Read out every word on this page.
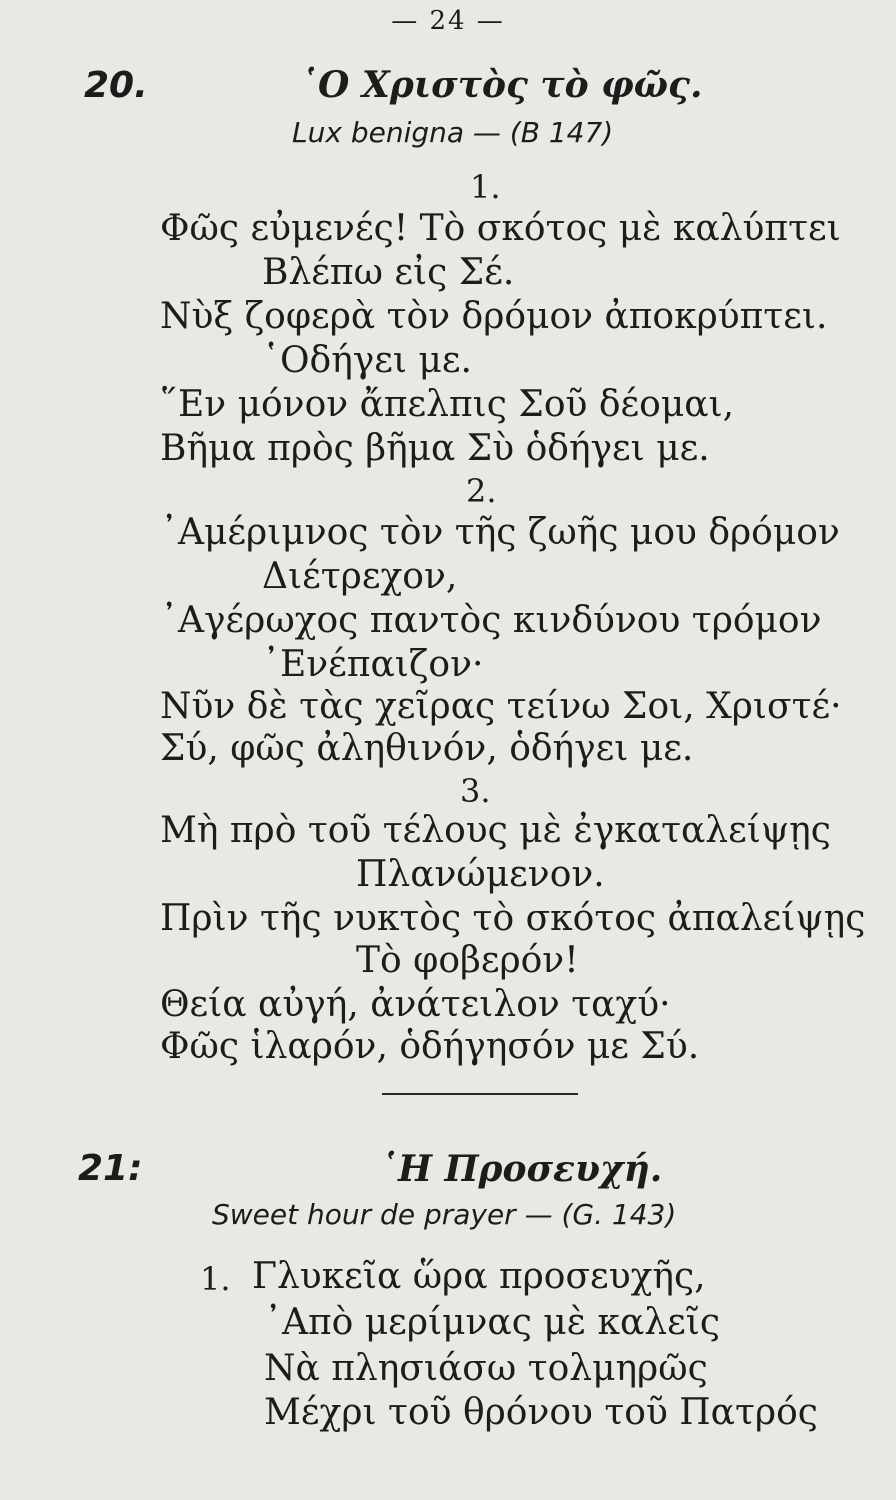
— 24 —
20.	῾Ο Χριστὸς τὸ φῶς.
Lux benigna — (B 147)
1.
Φῶς εὐμενές! Τὸ σκότος μὲ καλύπτει
Βλέπω εἰς Σέ.
Νὺξ ζοφερὰ τὸν δρόμον ἀποκρύπτει.
῾Οδήγει με.
῞Εν μόνον ἄπελπις Σοῦ δέομαι,
Βῆμα πρὸς βῆμα Σὺ ὁδήγει με.
2.
᾿Αμέριμνος τὸν τῆς ζωῆς μου δρόμον
Διέτρεχον,
᾿Αγέρωχος παντὸς κινδύνου τρόμον
᾿Ενέπαιζον·
Νῦν δὲ τὰς χεῖρας τείνω Σοι, Χριστέ·
Σύ, φῶς ἀληθινόν, ὁδήγει με.
3.
Μὴ πρὸ τοῦ τέλους μὲ ἐγκαταλείψῃς
Πλανώμενον.
Πρὶν τῆς νυκτὸς τὸ σκότος ἀπαλείψῃς
Τὸ φοβερόν!
Θεία αὐγή, ἀνάτειλον ταχύ·
Φῶς ἱλαρόν, ὁδήγησόν με Σύ.
21:	῾Η Προσευχή.
Sweet hour de prayer — (G. 143)
1. Γλυκεῖα ὥρα προσευχῆς,
᾿Απὸ μερίμνας μὲ καλεῖς
Νὰ πλησιάσω τολμηρῶς
Μέχρι τοῦ θρόνου τοῦ Πατρός
